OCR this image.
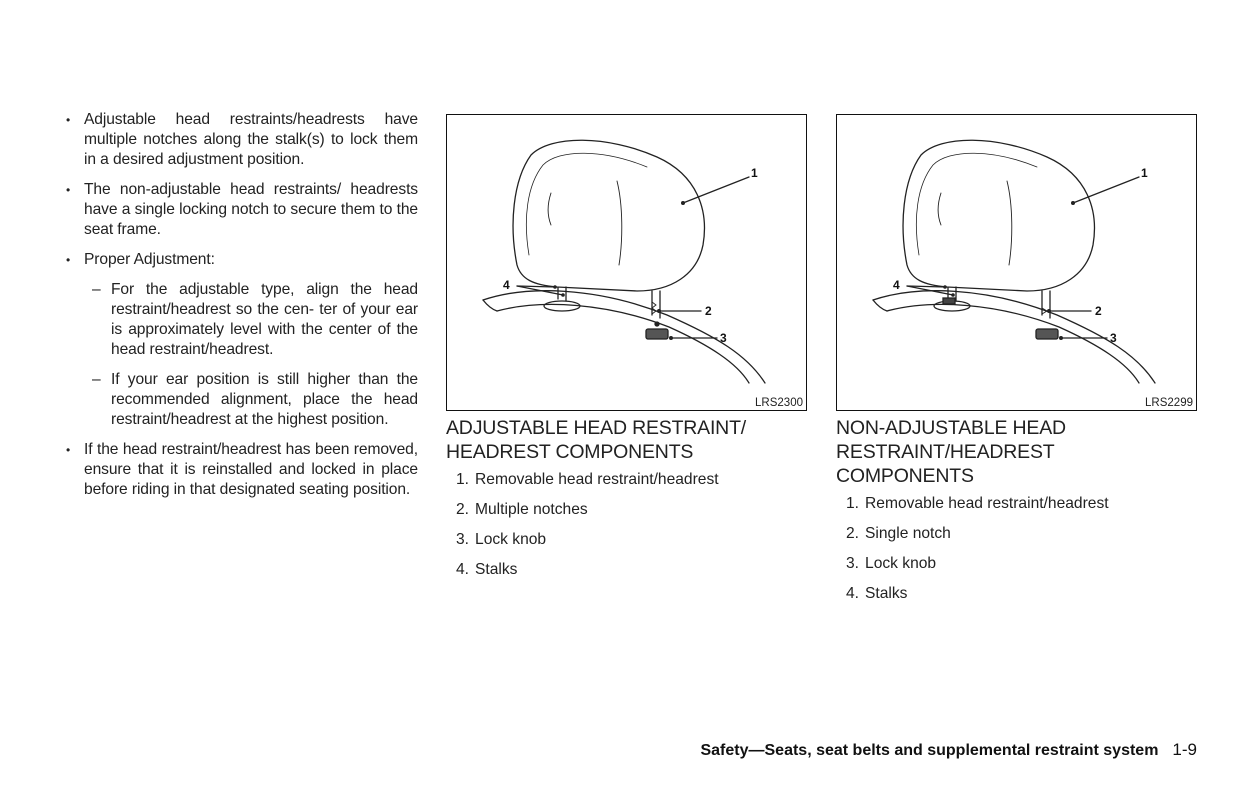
• Adjustable head restraints/headrests have multiple notches along the stalk(s) to lock them in a desired adjustment position.
• The non-adjustable head restraints/ headrests have a single locking notch to secure them to the seat frame.
• Proper Adjustment:
– For the adjustable type, align the head restraint/headrest so the cen- ter of your ear is approximately level with the center of the head restraint/headrest.
– If your ear position is still higher than the recommended alignment, place the head restraint/headrest at the highest position.
• If the head restraint/headrest has been removed, ensure that it is reinstalled and locked in place before riding in that designated seating position.
1
2
3
4
LRS2300
ADJUSTABLE HEAD RESTRAINT/ HEADREST COMPONENTS
1. Removable head restraint/headrest
2. Multiple notches
3. Lock knob
4. Stalks
1
2
3
4
LRS2299
NON-ADJUSTABLE HEAD RESTRAINT/HEADREST COMPONENTS
1. Removable head restraint/headrest
2. Single notch
3. Lock knob
4. Stalks
Safety—Seats, seat belts and supplemental restraint system 1-9
